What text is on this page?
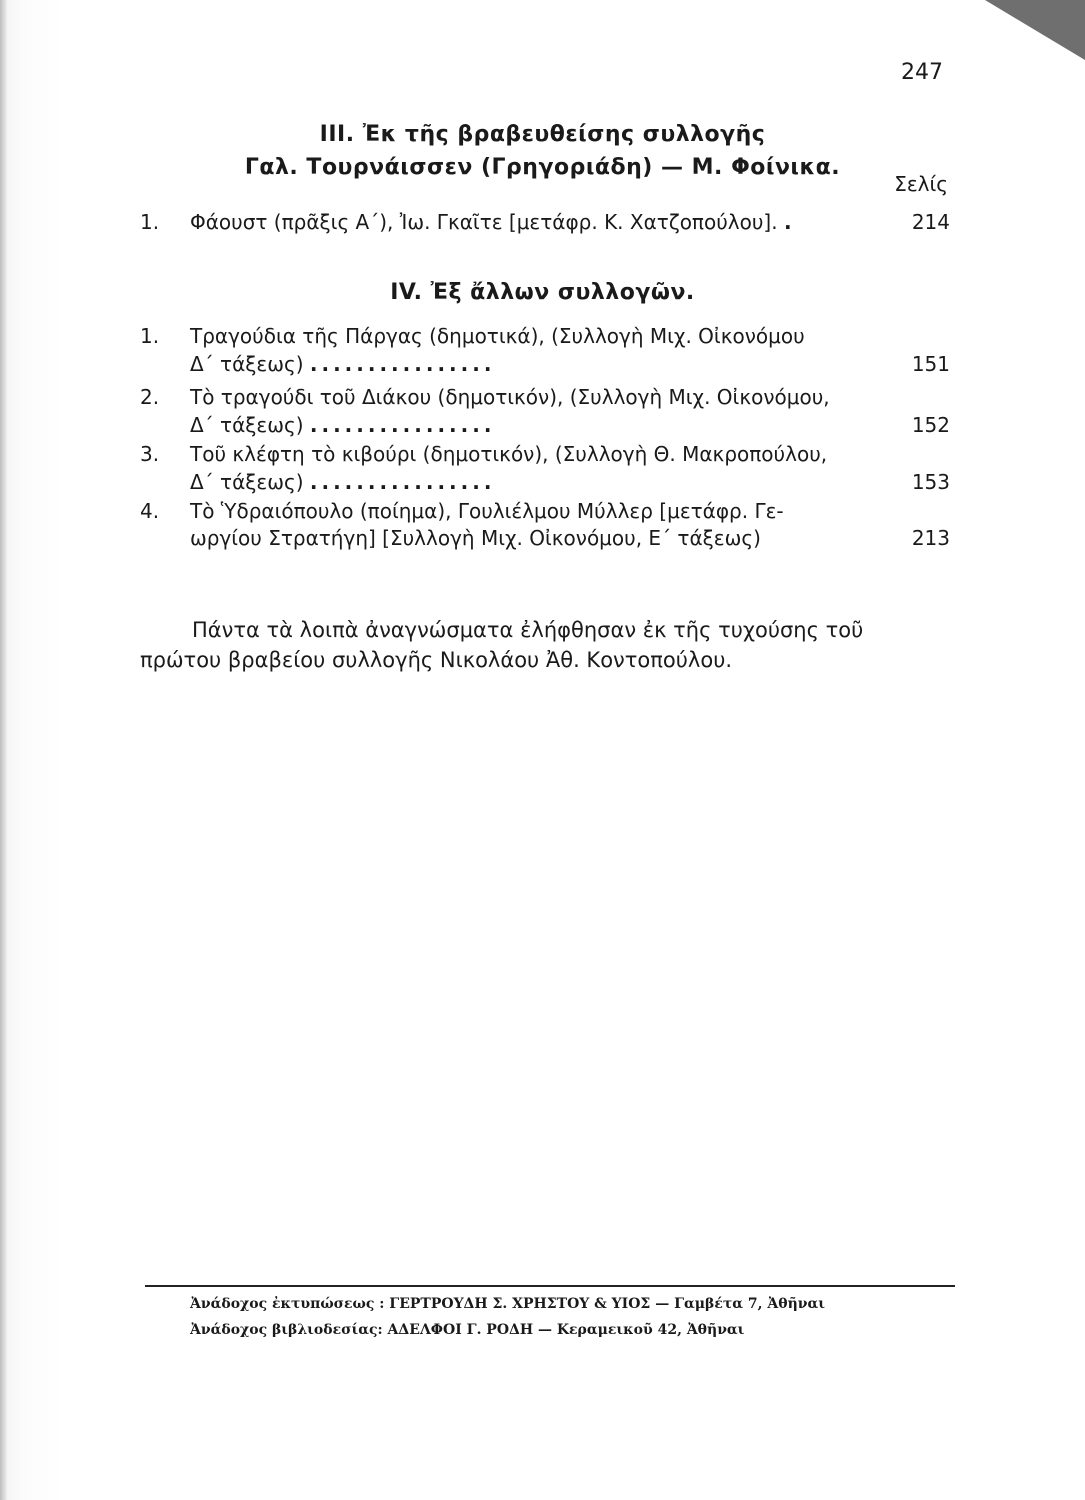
247
III. Ἐκ τῆς βραβευθείσης συλλογῆς
Γαλ. Τουρνάισσεν (Γρηγοριάδη) — Μ. Φοίνικα.
Σελίς
1.	Φάουστ (πρᾶξις Α΄), Ἰω. Γκαῖτε [μετάφρ. Κ. Χατζοπούλου]. .	214
IV. Ἐξ ἄλλων συλλογῶν.
1.	Τραγούδια τῆς Πάργας (δημοτικά), (Συλλογὴ Μιχ. Οἰκονόμου
Δ΄ τάξεως) ................	151
2.	Τὸ τραγούδι τοῦ Διάκου (δημοτικόν), (Συλλογὴ Μιχ. Οἰκονόμου,
Δ΄ τάξεως) ................	152
3.	Τοῦ κλέφτη τὸ κιβούρι (δημοτικόν), (Συλλογὴ Θ. Μακροπούλου,
Δ΄ τάξεως) ................	153
4.	Τὸ Ὑδραιόπουλο (ποίημα), Γουλιέλμου Μύλλερ [μετάφρ. Γε-
ωργίου Στρατήγη] [Συλλογὴ Μιχ. Οἰκονόμου, Ε΄ τάξεως)	213
Πάντα τὰ λοιπὰ ἀναγνώσματα ἐλήφθησαν ἐκ τῆς τυχούσης τοῦ
πρώτου βραβείου συλλογῆς Νικολάου Ἀθ. Κοντοπούλου.
Ἀνάδοχος ἐκτυπώσεως : ΓΕΡΤΡΟΥΔΗ Σ. ΧΡΗΣΤΟΥ & ΥΙΟΣ — Γαμβέτα 7, Ἀθῆναι
Ἀνάδοχος βιβλιοδεσίας: ΑΔΕΛΦΟΙ Γ. ΡΟΔΗ — Κεραμεικοῦ 42, Ἀθῆναι
